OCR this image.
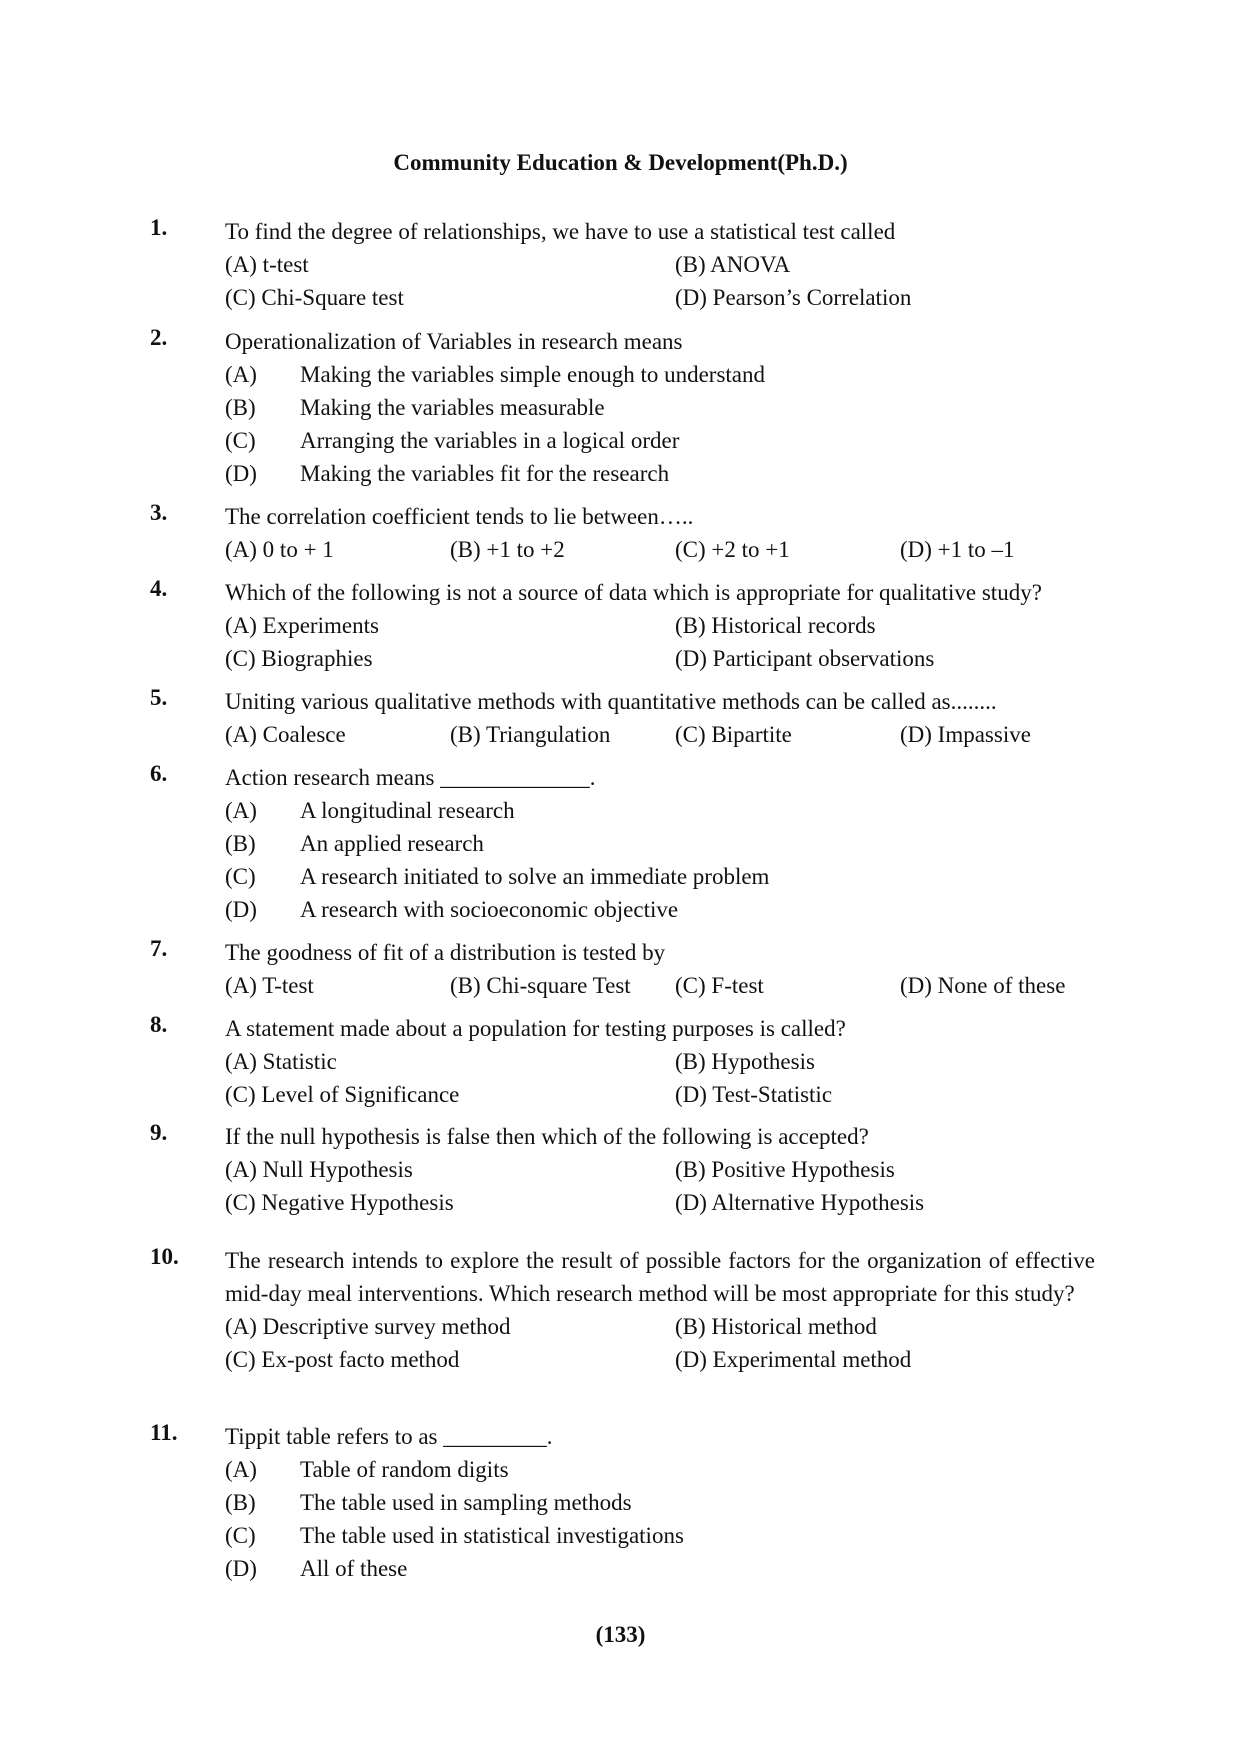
Community Education & Development(Ph.D.)
1.	To find the degree of relationships, we have to use a statistical test called
(A) t-test	(B) ANOVA
(C) Chi-Square test	(D) Pearson’s Correlation
2.	Operationalization of Variables in research means
(A)	Making the variables simple enough to understand
(B)	Making the variables measurable
(C)	Arranging the variables in a logical order
(D)	Making the variables fit for the research
3.	The correlation coefficient tends to lie between…..
(A) 0 to + 1	(B) +1 to +2	(C) +2 to +1	(D) +1 to –1
4.	Which of the following is not a source of data which is appropriate for qualitative study?
(A) Experiments	(B) Historical records
(C) Biographies	(D) Participant observations
5.	Uniting various qualitative methods with quantitative methods can be called as........
(A) Coalesce	(B) Triangulation	(C) Bipartite	(D) Impassive
6.	Action research means _____________.
(A)	A longitudinal research
(B)	An applied research
(C)	A research initiated to solve an immediate problem
(D)	A research with socioeconomic objective
7.	The goodness of fit of a distribution is tested by
(A) T-test	(B) Chi-square Test	(C) F-test	(D) None of these
8.	A statement made about a population for testing purposes is called?
(A) Statistic	(B) Hypothesis
(C) Level of Significance	(D) Test-Statistic
9.	If the null hypothesis is false then which of the following is accepted?
(A) Null Hypothesis	(B) Positive Hypothesis
(C) Negative Hypothesis	(D) Alternative Hypothesis
10.	The research intends to explore the result of possible factors for the organization of effective mid-day meal interventions. Which research method will be most appropriate for this study?
(A) Descriptive survey method	(B) Historical method
(C) Ex-post facto method	(D) Experimental method
11.	Tippit table refers to as _________.
(A)	Table of random digits
(B)	The table used in sampling methods
(C)	The table used in statistical investigations
(D)	All of these
(133)
